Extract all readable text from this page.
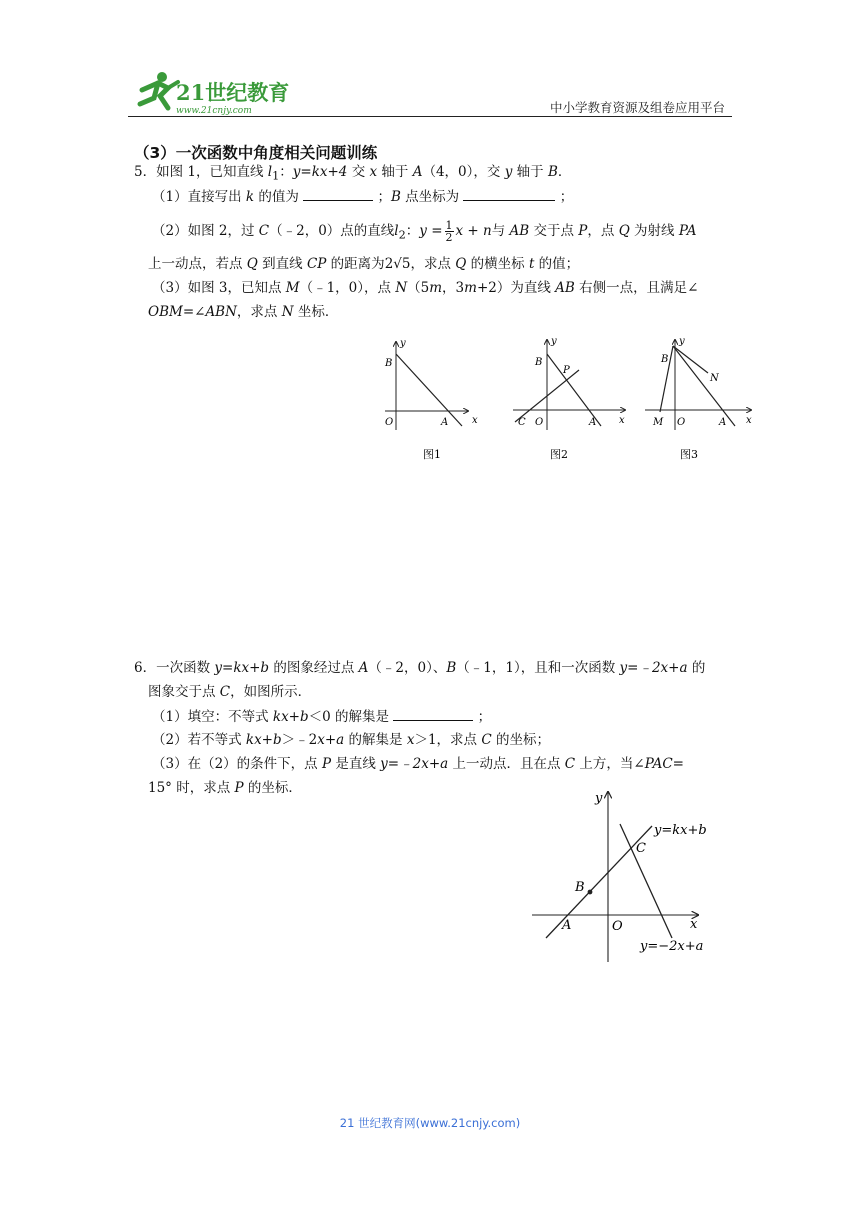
21世纪教育
www.21cnjy.com	中小学教育资源及组卷应用平台
（3）一次函数中角度相关问题训练
5．如图 1，已知直线 $l_1$：y=kx+4 交 x 轴于 A（4，0），交 y 轴于 B．
（1）直接写出 k 的值为	；B 点坐标为	；
（2）如图 2，过 C（﹣2，0）点的直线$l_2$：$y = \frac{1}{2}$ x + n与 AB 交于点 P，点 Q 为射线 PA
上一动点，若点 Q 到直线 CP 的距离为2√5，求点 Q 的横坐标 t 的值；
（3）如图 3，已知点 M（﹣1，0），点 N（5m，3m+2）为直线 AB 右侧一点，且满足∠
OBM=∠ABN，求点 N 坐标．
y
x
B
O	A
图1
y
x
B
P
C O	A
图2
y
x
B
N
M O	A
图3
6．一次函数 y=kx+b 的图象经过点 A（﹣2，0）、B（﹣1，1），且和一次函数 y=﹣2x+a 的
图象交于点 C，如图所示．
（1）填空：不等式 kx+b＜0 的解集是	；
（2）若不等式 kx+b＞﹣2x+a 的解集是 x＞1，求点 C 的坐标；
（3）在（2）的条件下，点 P 是直线 y=﹣2x+a 上一动点．且在点 C 上方，当∠PAC=
15° 时，求点 P 的坐标．
y
x
C
B
A	O
y=kx+b
y=−2x+a
21 世纪教育网(www.21cnjy.com)
